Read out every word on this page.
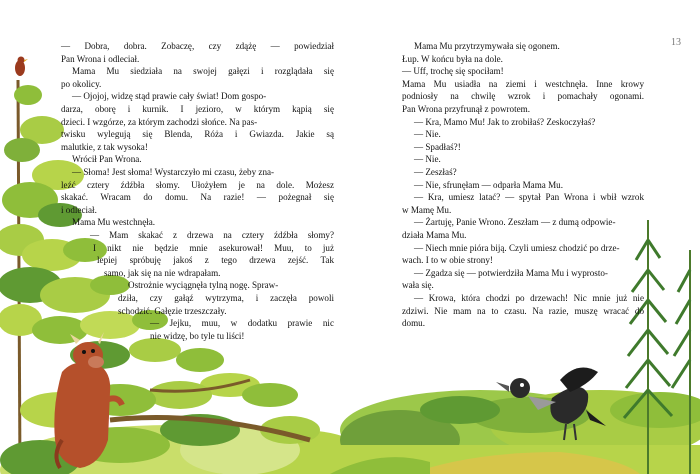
— Dobra, dobra. Zobaczę, czy zdążę — powiedział

Pan Wrona i odleciał.

Mama Mu siedziała na swojej gałęzi i rozglądała się

po okolicy.

— Ojojoj, widzę stąd prawie cały świat! Dom gospo-

darza, oborę i kurnik. I jezioro, w którym kąpią się

dzieci. I wzgórze, za którym zachodzi słońce. Na pas-

twisku wylegują się Blenda, Róża i Gwiazda. Jakie są

malutkie, z tak wysoka!

Wrócił Pan Wrona.

— Słoma! Jest słoma! Wystarczyło mi czasu, żeby zna-

leźć cztery źdźbła słomy. Ułożyłem je na dole. Możesz

skakać. Wracam do domu. Na razie! — pożegnał się

i odleciał.

Mama Mu westchnęła.

— Mam skakać z drzewa na cztery źdźbła słomy?

I nikt nie będzie mnie asekurował! Muu, to już

lepiej spróbuję jakoś z tego drzewa zejść. Tak

samo, jak się na nie wdrapałam.

Ostrożnie wyciągnęła tylną nogę. Spraw-

dziła, czy gałąź wytrzyma, i zaczęła powoli

schodzić. Gałęzie trzeszczały.

— Jejku, muu, w dodatku prawie nic

nie widzę, bo tyle tu liści!

Mama Mu przytrzymywała się ogonem.

Łup. W końcu była na dole.

— Uff, trochę się spociłam!

Mama Mu usiadła na ziemi i westchnęła. Inne krowy

podniosły na chwilę wzrok i pomachały ogonami.

Pan Wrona przyfrunął z powrotem.

— Kra, Mamo Mu! Jak to zrobiłaś? Zeskoczyłaś?

— Nie.

— Spadłaś?!

— Nie.

— Zeszłaś?

— Nie, sfrunęłam — odparła Mama Mu.

— Kra, umiesz latać? — spytał Pan Wrona i wbił wzrok

w Mamę Mu.

— Żartuję, Panie Wrono. Zeszłam — z dumą odpowie-

działa Mama Mu.

— Niech mnie pióra biją. Czyli umiesz chodzić po drze-

wach. I to w obie strony!

— Zgadza się — potwierdziła Mama Mu i wyprosto-

wała się.

— Krowa, która chodzi po drzewach! Nic mnie już nie

zdziwi. Nie mam na to czasu. Na razie, muszę wracać do

domu.

13
